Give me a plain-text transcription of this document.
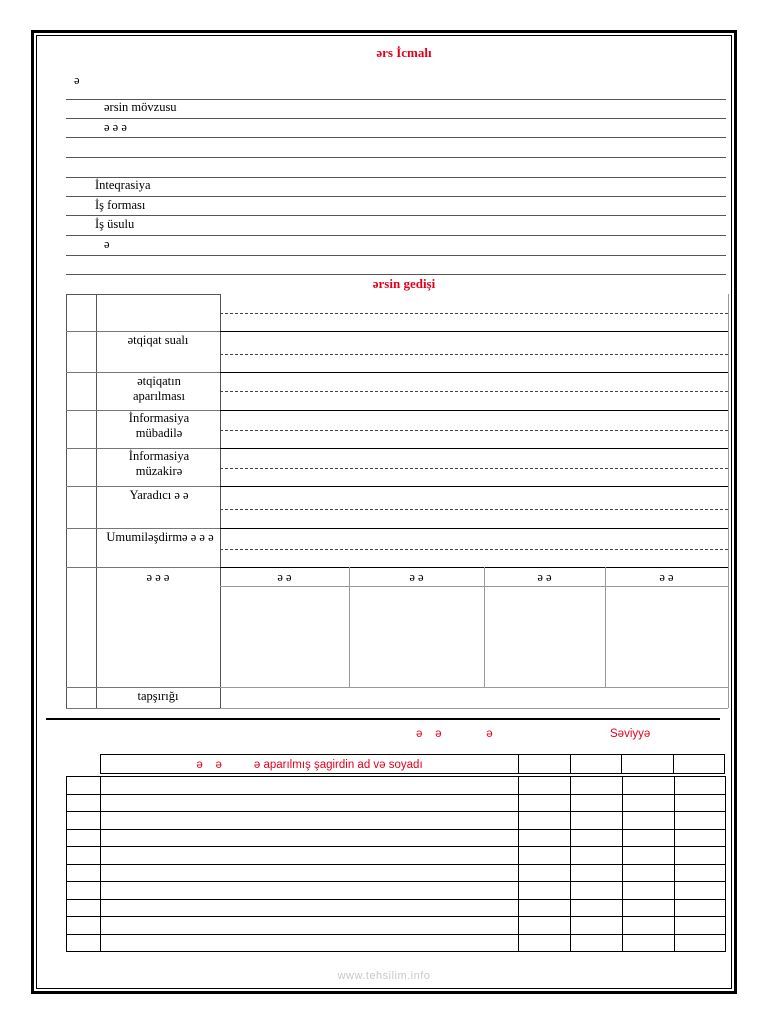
ərs İcmalı
ə
ərsin mövzusu
ə ə ə
İnteqrasiya
İş forması
İş üsulu
ə
ərsin gedişi
ətqiqat sualı
ətqiqatın aparılması
İnformasiya mübadilə
İnformasiya müzakirə
Yaradıcı ə ə
Umumiləşdirmə ə ə ə
ə ə ə	ə ə	ə ə	ə ə	ə ə
tapşırığı
ə    ə              ə	Səviyyə
ə    ə          ə aparılmış şagirdin ad və soyadı				

www.tehsilim.info
